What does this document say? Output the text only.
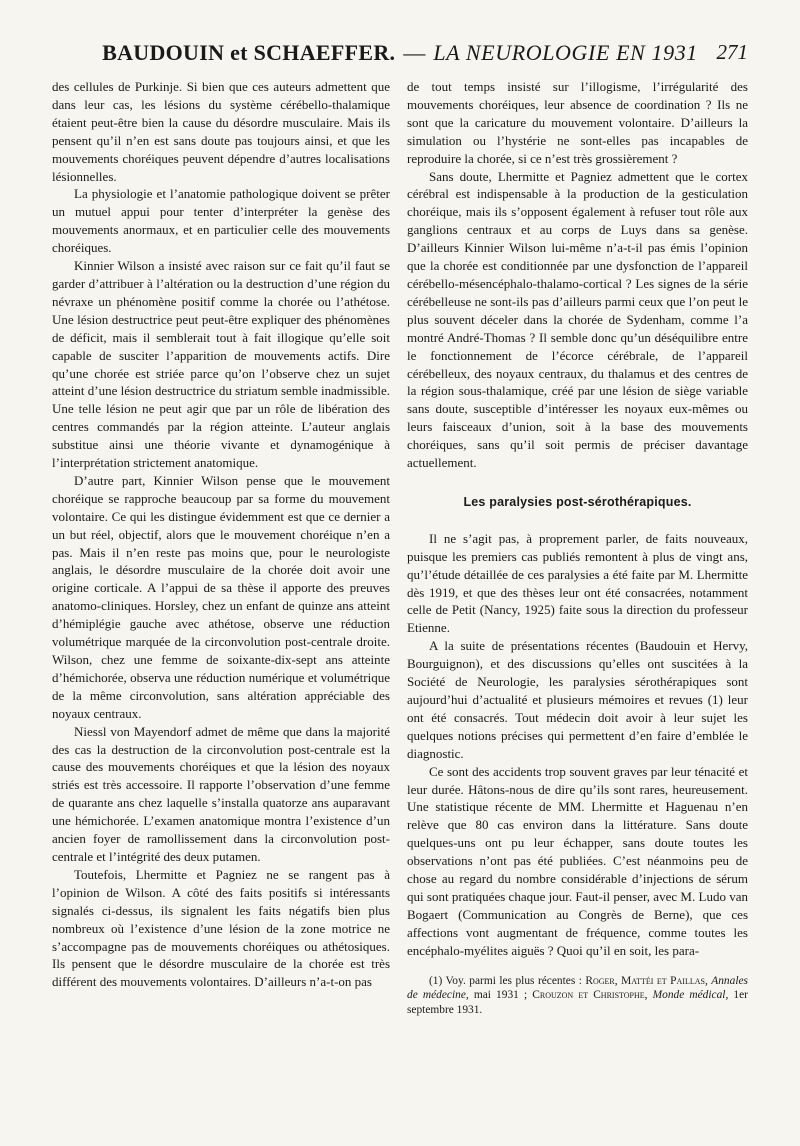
BAUDOUIN et SCHAEFFER. — LA NEUROLOGIE EN 1931 271

des cellules de Purkinje. Si bien que ces auteurs admettent que dans leur cas, les lésions du système cérébello-thalamique étaient peut-être bien la cause du désordre musculaire. Mais ils pensent qu’il n’en est sans doute pas toujours ainsi, et que les mouvements choréiques peuvent dépendre d’autres localisations lésionnelles.

La physiologie et l’anatomie pathologique doivent se prêter un mutuel appui pour tenter d’interpréter la genèse des mouvements anormaux, et en particulier celle des mouvements choréiques.

Kinnier Wilson a insisté avec raison sur ce fait qu’il faut se garder d’attribuer à l’altération ou la destruction d’une région du névraxe un phénomène positif comme la chorée ou l’athétose. Une lésion destructrice peut peut-être expliquer des phénomènes de déficit, mais il semblerait tout à fait illogique qu’elle soit capable de susciter l’apparition de mouvements actifs. Dire qu’une chorée est striée parce qu’on l’observe chez un sujet atteint d’une lésion destructrice du striatum semble inadmissible. Une telle lésion ne peut agir que par un rôle de libération des centres commandés par la région atteinte. L’auteur anglais substitue ainsi une théorie vivante et dynamogénique à l’interprétation strictement anatomique.

D’autre part, Kinnier Wilson pense que le mouvement choréique se rapproche beaucoup par sa forme du mouvement volontaire. Ce qui les distingue évidemment est que ce dernier a un but réel, objectif, alors que le mouvement choréique n’en a pas. Mais il n’en reste pas moins que, pour le neurologiste anglais, le désordre musculaire de la chorée doit avoir une origine corticale. A l’appui de sa thèse il apporte des preuves anatomo-cliniques. Horsley, chez un enfant de quinze ans atteint d’hémiplégie gauche avec athétose, observe une réduction volumétrique marquée de la circonvolution post-centrale droite. Wilson, chez une femme de soixante-dix-sept ans atteinte d’hémichorée, observa une réduction numérique et volumétrique de la même circonvolution, sans altération appréciable des noyaux centraux.

Niessl von Mayendorf admet de même que dans la majorité des cas la destruction de la circonvolution post-centrale est la cause des mouvements choréiques et que la lésion des noyaux striés est très accessoire. Il rapporte l’observation d’une femme de quarante ans chez laquelle s’installa quatorze ans auparavant une hémichorée. L’examen anatomique montra l’existence d’un ancien foyer de ramollissement dans la circonvolution post-centrale et l’intégrité des deux putamen.

Toutefois, Lhermitte et Pagniez ne se rangent pas à l’opinion de Wilson. A côté des faits positifs si intéressants signalés ci-dessus, ils signalent les faits négatifs bien plus nombreux où l’existence d’une lésion de la zone motrice ne s’accompagne pas de mouvements choréiques ou athétosiques. Ils pensent que le désordre musculaire de la chorée est très différent des mouvements volontaires. D’ailleurs n’a-t-on pas

de tout temps insisté sur l’illogisme, l’irrégularité des mouvements choréiques, leur absence de coordination ? Ils ne sont que la caricature du mouvement volontaire. D’ailleurs la simulation ou l’hystérie ne sont-elles pas incapables de reproduire la chorée, si ce n’est très grossièrement ?

Sans doute, Lhermitte et Pagniez admettent que le cortex cérébral est indispensable à la production de la gesticulation choréique, mais ils s’opposent également à refuser tout rôle aux ganglions centraux et au corps de Luys dans sa genèse. D’ailleurs Kinnier Wilson lui-même n’a-t-il pas émis l’opinion que la chorée est conditionnée par une dysfonction de l’appareil cérébello-mésencéphalo-thalamo-cortical ? Les signes de la série cérébelleuse ne sont-ils pas d’ailleurs parmi ceux que l’on peut le plus souvent déceler dans la chorée de Sydenham, comme l’a montré André-Thomas ? Il semble donc qu’un déséquilibre entre le fonctionnement de l’écorce cérébrale, de l’appareil cérébelleux, des noyaux centraux, du thalamus et des centres de la région sous-thalamique, créé par une lésion de siège variable sans doute, susceptible d’intéresser les noyaux eux-mêmes ou leurs faisceaux d’union, soit à la base des mouvements choréiques, sans qu’il soit permis de préciser davantage actuellement.

Les paralysies post-sérothérapiques.

Il ne s’agit pas, à proprement parler, de faits nouveaux, puisque les premiers cas publiés remontent à plus de vingt ans, qu’l’étude détaillée de ces paralysies a été faite par M. Lhermitte dès 1919, et que des thèses leur ont été consacrées, notamment celle de Petit (Nancy, 1925) faite sous la direction du professeur Etienne.

A la suite de présentations récentes (Baudouin et Hervy, Bourguignon), et des discussions qu’elles ont suscitées à la Société de Neurologie, les paralysies sérothérapiques sont aujourd’hui d’actualité et plusieurs mémoires et revues (1) leur ont été consacrés. Tout médecin doit avoir à leur sujet les quelques notions précises qui permettent d’en faire d’emblée le diagnostic.

Ce sont des accidents trop souvent graves par leur ténacité et leur durée. Hâtons-nous de dire qu’ils sont rares, heureusement. Une statistique récente de MM. Lhermitte et Haguenau n’en relève que 80 cas environ dans la littérature. Sans doute quelques-uns ont pu leur échapper, sans doute toutes les observations n’ont pas été publiées. C’est néanmoins peu de chose au regard du nombre considérable d’injections de sérum qui sont pratiquées chaque jour. Faut-il penser, avec M. Ludo van Bogaert (Communication au Congrès de Berne), que ces affections vont augmentant de fréquence, comme toutes les encéphalo-myélites aiguës ? Quoi qu’il en soit, les para-

(1) Voy. parmi les plus récentes : Roger, Mattéi et Paillas, Annales de médecine, mai 1931 ; Crouzon et Christophe, Monde médical, 1er septembre 1931.
